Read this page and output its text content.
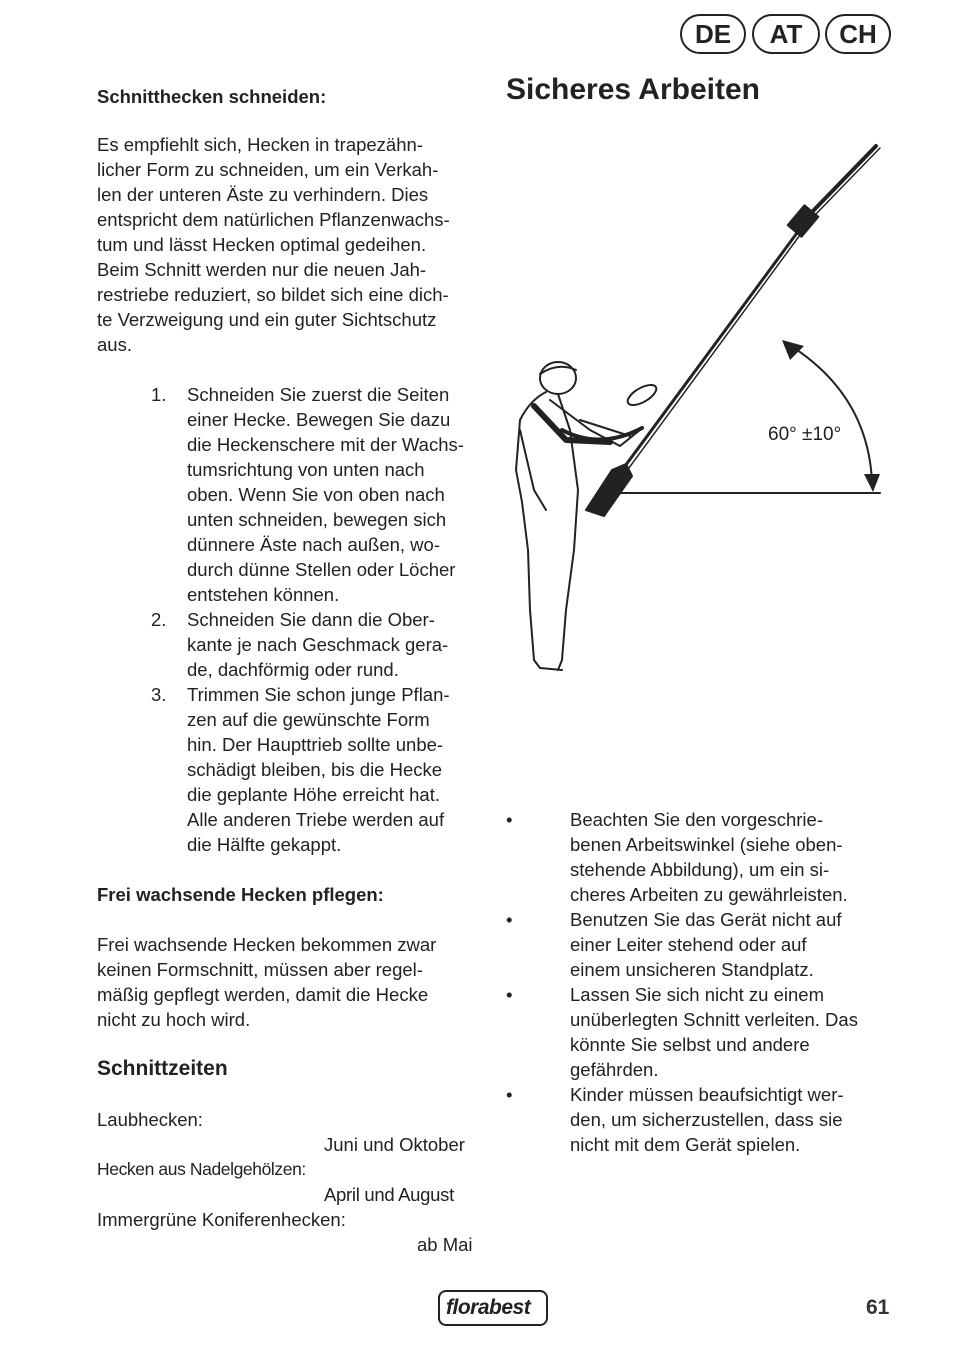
DE	AT	CH
Schnitthecken schneiden:
Es empfiehlt sich, Hecken in trapezähn-
licher Form zu schneiden, um ein Verkah-
len der unteren Äste zu verhindern. Dies
entspricht dem natürlichen Pflanzenwachs-
tum und lässt Hecken optimal gedeihen.
Beim Schnitt werden nur die neuen Jah-
restriebe reduziert, so bildet sich eine dich-
te Verzweigung und ein guter Sichtschutz
aus.
1. Schneiden Sie zuerst die Seiten
einer Hecke. Bewegen Sie dazu
die Heckenschere mit der Wachs-
tumsrichtung von unten nach
oben. Wenn Sie von oben nach
unten schneiden, bewegen sich
dünnere Äste nach außen, wo-
durch dünne Stellen oder Löcher
entstehen können.
2. Schneiden Sie dann die Ober-
kante je nach Geschmack gera-
de, dachförmig oder rund.
3. Trimmen Sie schon junge Pflan-
zen auf die gewünschte Form
hin. Der Haupttrieb sollte unbe-
schädigt bleiben, bis die Hecke
die geplante Höhe erreicht hat.
Alle anderen Triebe werden auf
die Hälfte gekappt.
Frei wachsende Hecken pflegen:
Frei wachsende Hecken bekommen zwar
keinen Formschnitt, müssen aber regel-
mäßig gepflegt werden, damit die Hecke
nicht zu hoch wird.
Schnittzeiten
Laubhecken:
Juni und Oktober
Hecken aus Nadelgehölzen:
April und August
Immergrüne Koniferenhecken:
ab Mai
Sicheres Arbeiten
60° ±10°
•	Beachten Sie den vorgeschrie-
benen Arbeitswinkel (siehe oben-
stehende Abbildung), um ein si-
cheres Arbeiten zu gewährleisten.
•	Benutzen Sie das Gerät nicht auf
einer Leiter stehend oder auf
einem unsicheren Standplatz.
•	Lassen Sie sich nicht zu einem
unüberlegten Schnitt verleiten. Das
könnte Sie selbst und andere
gefährden.
•	Kinder müssen beaufsichtigt wer-
den, um sicherzustellen, dass sie
nicht mit dem Gerät spielen.
florabest	61
